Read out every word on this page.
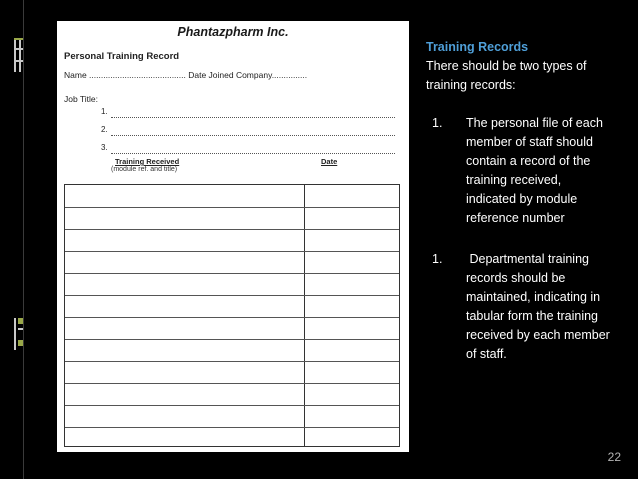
Phantazpharm Inc.
Personal Training Record
Name ......................................... Date Joined Company...............
Job Title:
1.
2.
3.
Training Received
(module ref. and title)
Date
Training Records
There should be two types of training records:
1. The personal file of each member of staff should contain a record of the training received, indicated by module reference number
1. Departmental training records should be maintained, indicating in tabular form the training received by each member of staff.
22
